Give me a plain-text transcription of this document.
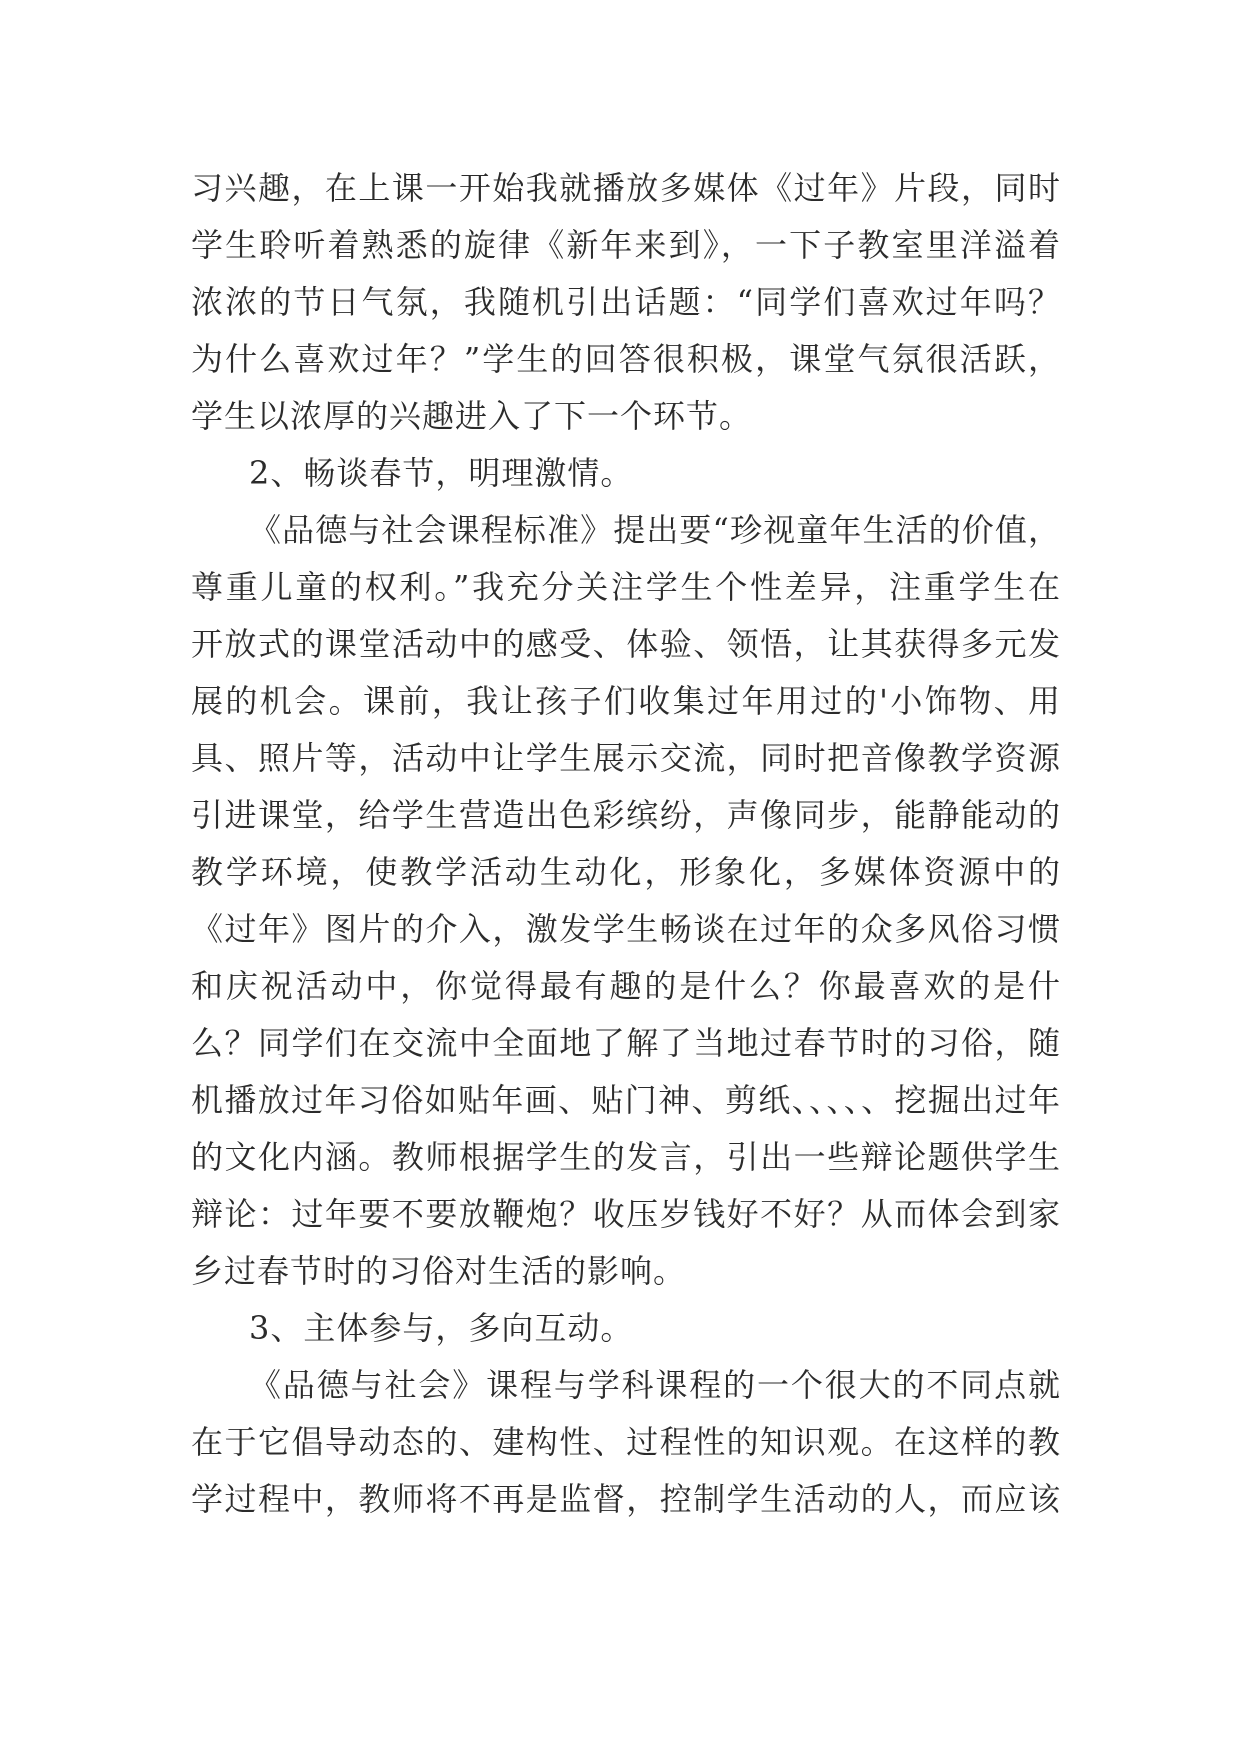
习兴趣，在上课一开始我就播放多媒体《过年》片段，同时
学生聆听着熟悉的旋律《新年来到》，一下子教室里洋溢着
浓浓的节日气氛，我随机引出话题：“同学们喜欢过年吗？
为什么喜欢过年？”学生的回答很积极，课堂气氛很活跃，
学生以浓厚的兴趣进入了下一个环节。
2、畅谈春节，明理激情。
《品德与社会课程标准》提出要“珍视童年生活的价值，
尊重儿童的权利。”我充分关注学生个性差异，注重学生在
开放式的课堂活动中的感受、体验、领悟，让其获得多元发
展的机会。课前，我让孩子们收集过年用过的'小饰物、用
具、照片等，活动中让学生展示交流，同时把音像教学资源
引进课堂，给学生营造出色彩缤纷，声像同步，能静能动的
教学环境，使教学活动生动化，形象化，多媒体资源中的
《过年》图片的介入，激发学生畅谈在过年的众多风俗习惯
和庆祝活动中，你觉得最有趣的是什么？你最喜欢的是什
么？同学们在交流中全面地了解了当地过春节时的习俗，随
机播放过年习俗如贴年画、贴门神、剪纸、、、、、挖掘出过年
的文化内涵。教师根据学生的发言，引出一些辩论题供学生
辩论：过年要不要放鞭炮？收压岁钱好不好？从而体会到家
乡过春节时的习俗对生活的影响。
3、主体参与，多向互动。
《品德与社会》课程与学科课程的一个很大的不同点就
在于它倡导动态的、建构性、过程性的知识观。在这样的教
学过程中，教师将不再是监督，控制学生活动的人，而应该
